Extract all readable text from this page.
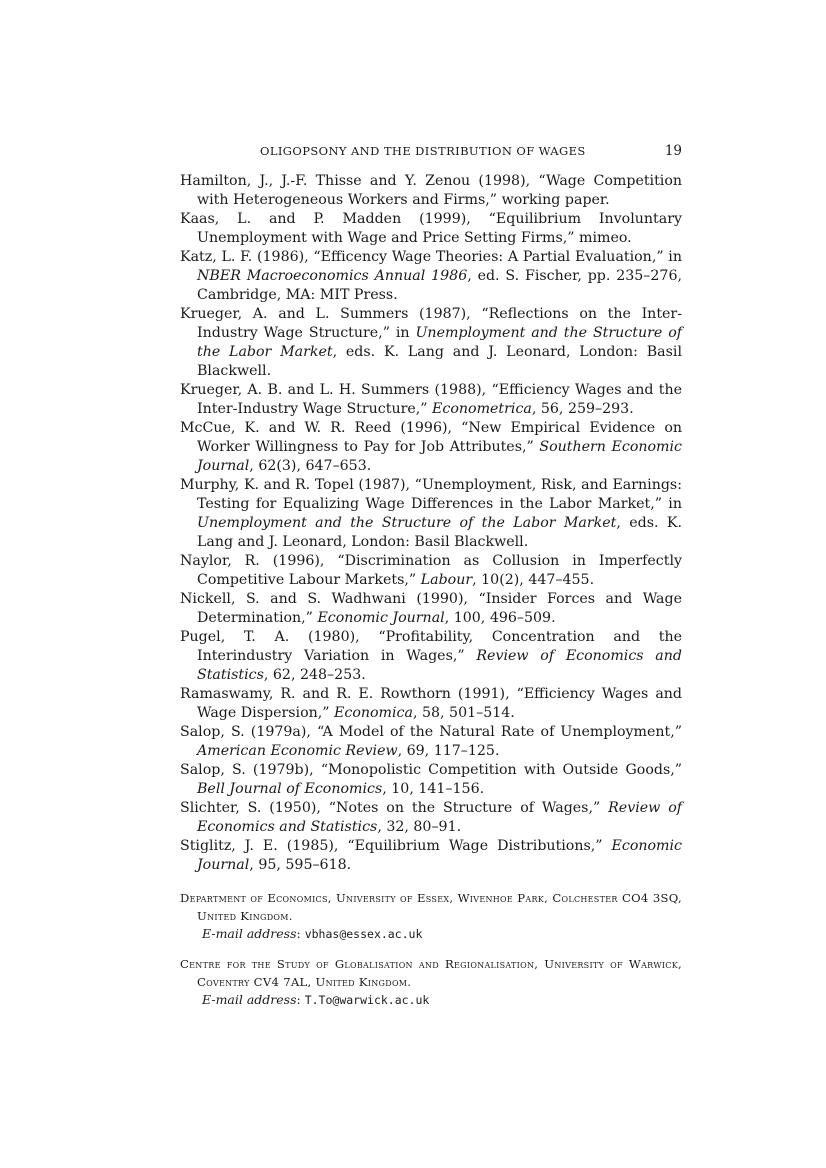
OLIGOPSONY AND THE DISTRIBUTION OF WAGES	19
Hamilton, J., J.-F. Thisse and Y. Zenou (1998), “Wage Competition with Heterogeneous Workers and Firms,” working paper.
Kaas, L. and P. Madden (1999), “Equilibrium Involuntary Unemployment with Wage and Price Setting Firms,” mimeo.
Katz, L. F. (1986), “Efficency Wage Theories: A Partial Evaluation,” in NBER Macroeconomics Annual 1986, ed. S. Fischer, pp. 235–276, Cambridge, MA: MIT Press.
Krueger, A. and L. Summers (1987), “Reflections on the Inter-Industry Wage Structure,” in Unemployment and the Structure of the Labor Market, eds. K. Lang and J. Leonard, London: Basil Blackwell.
Krueger, A. B. and L. H. Summers (1988), “Efficiency Wages and the Inter-Industry Wage Structure,” Econometrica, 56, 259–293.
McCue, K. and W. R. Reed (1996), “New Empirical Evidence on Worker Willingness to Pay for Job Attributes,” Southern Economic Journal, 62(3), 647–653.
Murphy, K. and R. Topel (1987), “Unemployment, Risk, and Earnings: Testing for Equalizing Wage Differences in the Labor Market,” in Unemployment and the Structure of the Labor Market, eds. K. Lang and J. Leonard, London: Basil Blackwell.
Naylor, R. (1996), “Discrimination as Collusion in Imperfectly Competitive Labour Markets,” Labour, 10(2), 447–455.
Nickell, S. and S. Wadhwani (1990), “Insider Forces and Wage Determination,” Economic Journal, 100, 496–509.
Pugel, T. A. (1980), “Profitability, Concentration and the Interindustry Variation in Wages,” Review of Economics and Statistics, 62, 248–253.
Ramaswamy, R. and R. E. Rowthorn (1991), “Efficiency Wages and Wage Dispersion,” Economica, 58, 501–514.
Salop, S. (1979a), “A Model of the Natural Rate of Unemployment,” American Economic Review, 69, 117–125.
Salop, S. (1979b), “Monopolistic Competition with Outside Goods,” Bell Journal of Economics, 10, 141–156.
Slichter, S. (1950), “Notes on the Structure of Wages,” Review of Economics and Statistics, 32, 80–91.
Stiglitz, J. E. (1985), “Equilibrium Wage Distributions,” Economic Journal, 95, 595–618.
Department of Economics, University of Essex, Wivenhoe Park, Colchester CO4 3SQ, United Kingdom.
E-mail address: vbhas@essex.ac.uk
Centre for the Study of Globalisation and Regionalisation, University of Warwick, Coventry CV4 7AL, United Kingdom.
E-mail address: T.To@warwick.ac.uk
